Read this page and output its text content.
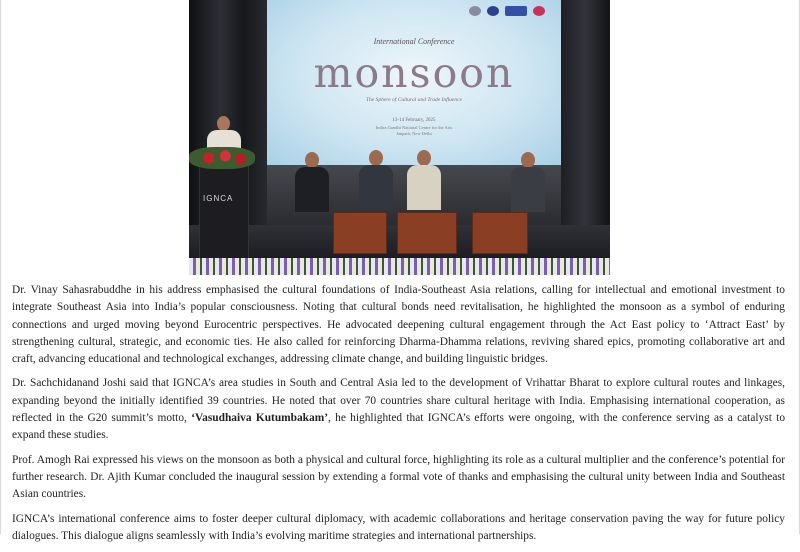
International Conference
monsoon
The Sphere of Cultural and Trade Influence
13-14 February, 2025
Indira Gandhi National Centre for the Arts
Janpath, New Delhi
IGNCA

Dr. Vinay Sahasrabuddhe in his address emphasised the cultural foundations of India-Southeast Asia relations, calling for intellectual and emotional investment to integrate Southeast Asia into India’s popular consciousness. Noting that cultural bonds need revitalisation, he highlighted the monsoon as a symbol of enduring connections and urged moving beyond Eurocentric perspectives. He advocated deepening cultural engagement through the Act East policy to ‘Attract East’ by strengthening cultural, strategic, and economic ties. He also called for reinforcing Dharma-Dhamma relations, reviving shared epics, promoting collaborative art and craft, advancing educational and technological exchanges, addressing climate change, and building linguistic bridges.

Dr. Sachchidanand Joshi said that IGNCA’s area studies in South and Central Asia led to the development of Vrihattar Bharat to explore cultural routes and linkages, expanding beyond the initially identified 39 countries. He noted that over 70 countries share cultural heritage with India. Emphasising international cooperation, as reflected in the G20 summit’s motto, ‘Vasudhaiva Kutumbakam’, he highlighted that IGNCA’s efforts were ongoing, with the conference serving as a catalyst to expand these studies.

Prof. Amogh Rai expressed his views on the monsoon as both a physical and cultural force, highlighting its role as a cultural multiplier and the conference’s potential for further research. Dr. Ajith Kumar concluded the inaugural session by extending a formal vote of thanks and emphasising the cultural unity between India and Southeast Asian countries.

IGNCA’s international conference aims to foster deeper cultural diplomacy, with academic collaborations and heritage conservation paving the way for future policy dialogues. This dialogue aligns seamlessly with India’s evolving maritime strategies and international partnerships.
